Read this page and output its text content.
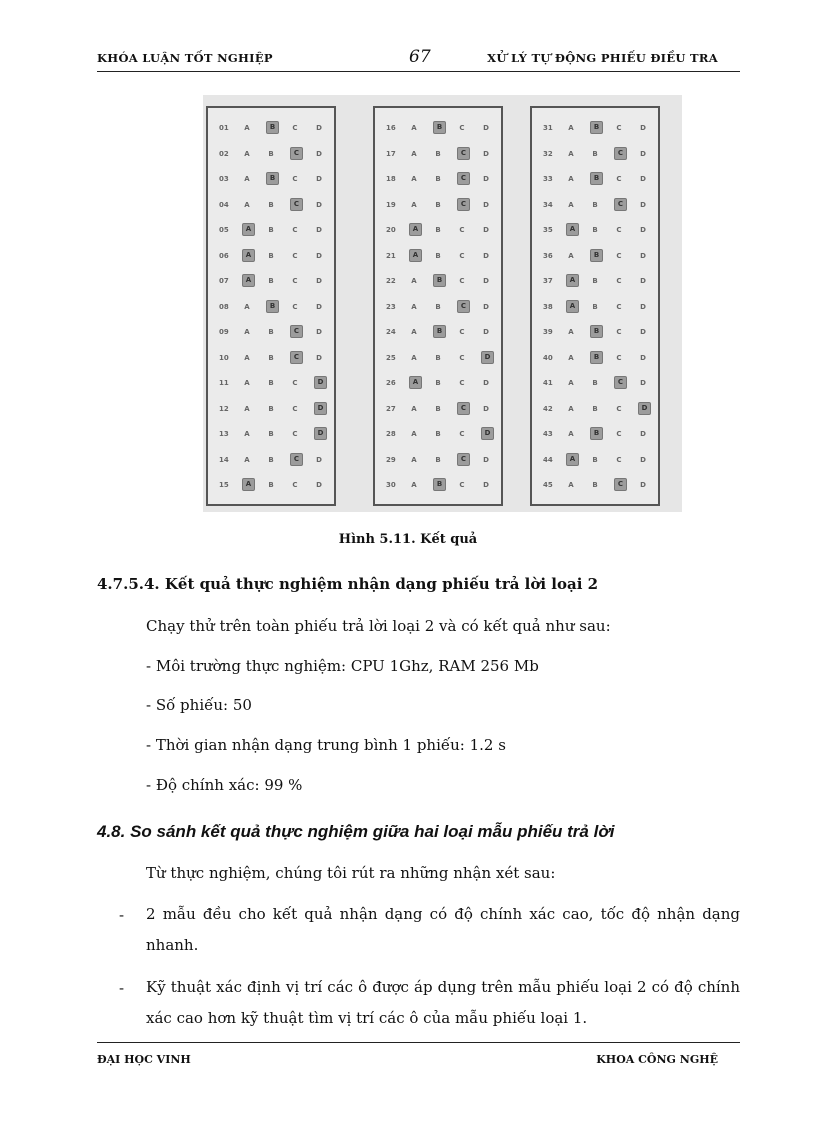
KHÓA LUẬN TỐT NGHIỆP	67	XỬ LÝ TỰ ĐỘNG PHIẾU ĐIỀU TRA
01	A	B	C	D
02	A	B	C	D
03	A	B	C	D
04	A	B	C	D
05	A	B	C	D
06	A	B	C	D
07	A	B	C	D
08	A	B	C	D
09	A	B	C	D
10	A	B	C	D
11	A	B	C	D
12	A	B	C	D
13	A	B	C	D
14	A	B	C	D
15	A	B	C	D
16	A	B	C	D
17	A	B	C	D
18	A	B	C	D
19	A	B	C	D
20	A	B	C	D
21	A	B	C	D
22	A	B	C	D
23	A	B	C	D
24	A	B	C	D
25	A	B	C	D
26	A	B	C	D
27	A	B	C	D
28	A	B	C	D
29	A	B	C	D
30	A	B	C	D
31	A	B	C	D
32	A	B	C	D
33	A	B	C	D
34	A	B	C	D
35	A	B	C	D
36	A	B	C	D
37	A	B	C	D
38	A	B	C	D
39	A	B	C	D
40	A	B	C	D
41	A	B	C	D
42	A	B	C	D
43	A	B	C	D
44	A	B	C	D
45	A	B	C	D
Hình 5.11. Kết quả
4.7.5.4. Kết quả thực nghiệm nhận dạng phiếu trả lời loại 2
Chạy thử trên toàn phiếu trả lời loại 2 và có kết quả như sau:
- Môi trường thực nghiệm: CPU 1Ghz, RAM 256 Mb
- Số phiếu: 50
- Thời gian nhận dạng trung bình 1 phiếu: 1.2 s
- Độ chính xác: 99 %
4.8. So sánh kết quả thực nghiệm giữa hai loại mẫu phiếu trả lời
Từ thực nghiệm, chúng tôi rút ra những nhận xét sau:
- 2 mẫu đều cho kết quả nhận dạng có độ chính xác cao, tốc độ nhận dạng nhanh.
- Kỹ thuật xác định vị trí các ô được áp dụng trên mẫu phiếu loại 2 có độ chính xác cao hơn kỹ thuật tìm vị trí các ô của mẫu phiếu loại 1.
ĐẠI HỌC VINH	KHOA CÔNG NGHỆ
